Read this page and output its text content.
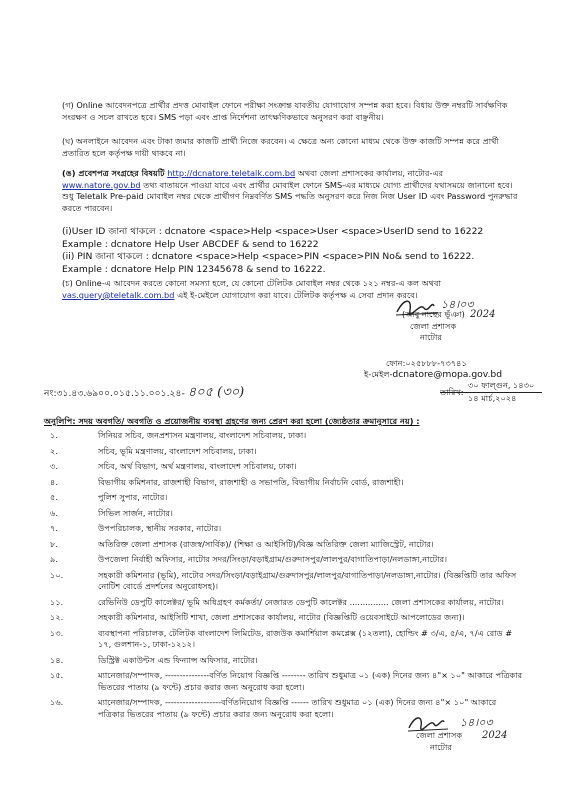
(গ) Online আবেদনপত্রে প্রার্থীর প্রদত্ত মোবাইল ফোনে পরীক্ষা সংক্রান্ত যাবতীয় যোগাযোগ সম্পন্ন করা হবে। বিধায় উক্ত নম্বরটি সার্বক্ষণিক সংরক্ষণ ও সচল রাখতে হবে। SMS পড়া এবং প্রাপ্ত নির্দেশনা তাৎক্ষণিকভাবে অনুসরণ করা বাঞ্ছনীয়।
(ঘ) অনলাইনে আবেদন এবং টাকা জমার কাজটি প্রার্থী নিজে করবেন। এ ক্ষেত্রে অন্য কোনো মাধ্যম থেকে উক্ত কাজটি সম্পন্ন করে প্রার্থী প্রতারিত হলে কর্তৃপক্ষ দায়ী থাকবে না।
(ঙ) প্রবেশপত্র সংগ্রহের বিষয়টি http://dcnatore.teletalk.com.bd অথবা জেলা প্রশাসকের কার্যালয়, নাটোর-এর www.natore.gov.bd তথ্য বাতায়নে পাওয়া যাবে এবং প্রার্থীর মোবাইল ফোনে SMS-এর মাধ্যমে যোগ্য প্রার্থীদের যথাসময়ে জানানো হবে। শুধু Teletalk Pre-paid মোবাইল নম্বর থেকে প্রার্থীগণ নিম্নবর্ণিত SMS পদ্ধতি অনুসরণ করে নিজ নিজ User ID এবং Password পুনরুদ্ধার করতে পারবেন।
(i)User ID জানা থাকলে : dcnatore <space>Help <space>User <space>UserID send to 16222
Example : dcnatore Help User ABCDEF & send to 16222
(ii) PIN জানা থাকলে : dcnatore <space>Help <space>PIN <space>PIN No& send to 16222.
Example : dcnatore Help PIN 12345678 & send to 16222.
(চ) Online-এ আবেদন করতে কোনো সমস্যা হলে, যে কোনো টেলিটক মোবাইল নম্বর থেকে ১২১ নম্বর-এ কল অথবা vas.query@teletalk.com.bd এই ই-মেইলে যোগাযোগ করা যাবে। টেলিটক কর্তৃপক্ষ এ সেবা প্রদান করবে।
১৪।০৩
2024
(আবু নাছের ভূঁঞা)
জেলা প্রশাসক
নাটোর
ফোন:০২৫৮৮৮-৭৩৭৪১
ই-মেইল-dcnatore@mopa.gov.bd
নং:৩১.৪৩.৬৯০০.০১৫.১১.০০১.২৪- ৪০৫ (৩০)	৩০ ফাল্গুন, ১৪৩০
তারিখ:
১৪ মার্চ,২০২৪
অনুলিপি: সদয় অবগতি/ অবগতি ও প্রয়োজনীয় ব্যবস্থা গ্রহণের জন্য প্রেরণ করা হলো (জ্যেষ্ঠতার ক্রমানুসারে নয়) :
১.	সিনিয়র সচিব, জনপ্রশাসন মন্ত্রণালয়, বাংলাদেশ সচিবালয়, ঢাকা।
২.	সচিব, ভূমি মন্ত্রণালয়, বাংলাদেশ সচিবালয়, ঢাকা।
৩.	সচিব, অর্থ বিভাগ, অর্থ মন্ত্রণালয়, বাংলাদেশ সচিবালয়, ঢাকা।
৪.	বিভাগীয় কমিশনার, রাজশাহী বিভাগ, রাজশাহী ও সভাপতি, বিভাগীয় নির্বাচনি বোর্ড, রাজশাহী।
৫.	পুলিশ সুপার, নাটোর।
৬.	সিভিল সার্জন, নাটোর।
৭.	উপপরিচালক, স্থানীয় সরকার, নাটোর।
৮.	অতিরিক্ত জেলা প্রশাসক (রাজস্ব/সার্বিক)/ (শিক্ষা ও আইসিটি)/বিজ্ঞ অতিরিক্ত জেলা ম্যাজিস্ট্রেট, নাটোর।
৯.	উপজেলা নির্বাহী অফিসার, নাটোর সদর/সিংড়া/বড়াইগ্রাম/গুরুদাসপুর/লালপুর/বাগাতিপাড়া/নলডাঙ্গা,নাটোর।
১০.	সহকারী কমিশনার (ভূমি), নাটোর সদর/সিংড়া/বড়াইগ্রাম/গুরুদাসপুর/লালপুর/বাগাতিপাড়া/নলডাঙ্গা,নাটোর। (বিজ্ঞপ্তিটি তার অফিস নোটিশ বোর্ডে প্রদর্শনের অনুরোধসহ)।
১১.	রেভিনিউ ডেপুটি কালেক্টর/ ভূমি অধিগ্রহণ কর্মকর্তা/ নেজারত ডেপুটি কালেক্টর ............... জেলা প্রশাসকের কার্যালয়, নাটোর।
১২.	সহকারী কমিশনার, আইসিটি শাখা, জেলা প্রশাসকের কার্যালয়, নাটোর (বিজ্ঞপ্তিটি ওয়েবসাইটে আপলোডের জন্য)।
১৩.	ব্যবস্থাপনা পরিচালক, টেলিটক বাংলাদেশ লিমিটেড, রাজউক কমার্শিয়াল কমপ্লেক্স (১২তলা), হোল্ডিং # ৩/এ, ৫/এ, ৭/এ রোড # ১৭, গুলশান-১, ঢাকা-১২১২।
১৪.	ডিস্ট্রিক্ট একাউন্টস এন্ড ফিন্যান্স অফিসার, নাটোর।
১৫.	ম্যানেজার/সম্পাদক, ---------------বর্ণিত নিয়োগ বিজ্ঞপ্তি -------- তারিখ শুধুমাত্র ০১ (এক) দিনের জন্য ৪"× ১০" আকারে পত্রিকার ভিতরের পাতায় (৯ ফন্টে) প্রচার করার জন্য অনুরোধ করা হলো।
১৬.	ম্যানেজার/সম্পাদক, -------------------বর্ণিতনিয়োগ বিজ্ঞপ্তি ------ তারিখ শুধুমাত্র ০১ (এক) দিনের জন্য ৪"× ১০" আকারে পত্রিকার ভিতরের পাতায় (৯ ফন্টে) প্রচার করার জন্য অনুরোধ করা হলো।
১৪।০৩
2024
জেলা প্রশাসক
নাটোর
